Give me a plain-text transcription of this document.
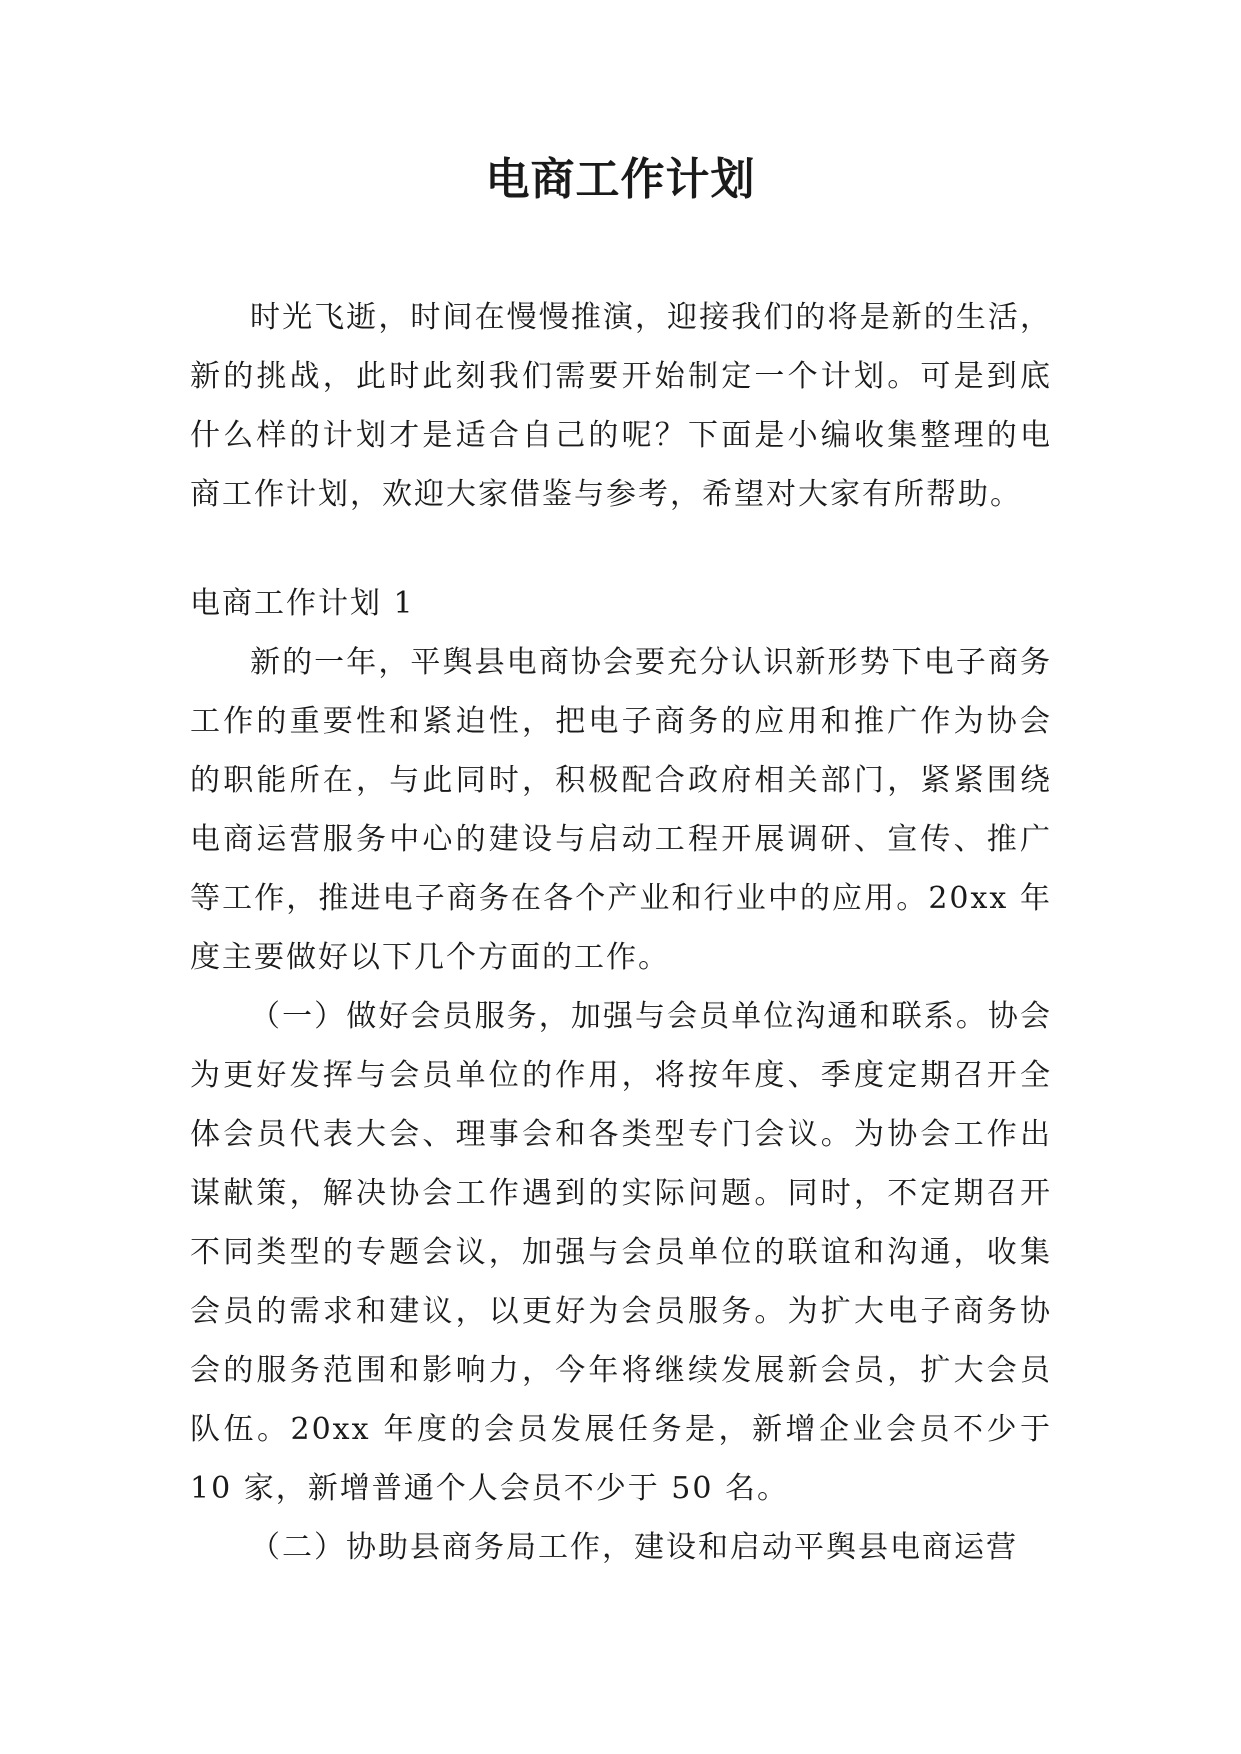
电商工作计划

时光飞逝，时间在慢慢推演，迎接我们的将是新的生活，新的挑战，此时此刻我们需要开始制定一个计划。可是到底什么样的计划才是适合自己的呢？下面是小编收集整理的电商工作计划，欢迎大家借鉴与参考，希望对大家有所帮助。

电商工作计划 1

新的一年，平舆县电商协会要充分认识新形势下电子商务工作的重要性和紧迫性，把电子商务的应用和推广作为协会的职能所在，与此同时，积极配合政府相关部门，紧紧围绕电商运营服务中心的建设与启动工程开展调研、宣传、推广等工作，推进电子商务在各个产业和行业中的应用。20xx 年度主要做好以下几个方面的工作。

（一）做好会员服务，加强与会员单位沟通和联系。协会为更好发挥与会员单位的作用，将按年度、季度定期召开全体会员代表大会、理事会和各类型专门会议。为协会工作出谋献策，解决协会工作遇到的实际问题。同时，不定期召开不同类型的专题会议，加强与会员单位的联谊和沟通，收集会员的需求和建议，以更好为会员服务。为扩大电子商务协会的服务范围和影响力，今年将继续发展新会员，扩大会员队伍。20xx 年度的会员发展任务是，新增企业会员不少于 10 家，新增普通个人会员不少于 50 名。

（二）协助县商务局工作，建设和启动平舆县电商运营
